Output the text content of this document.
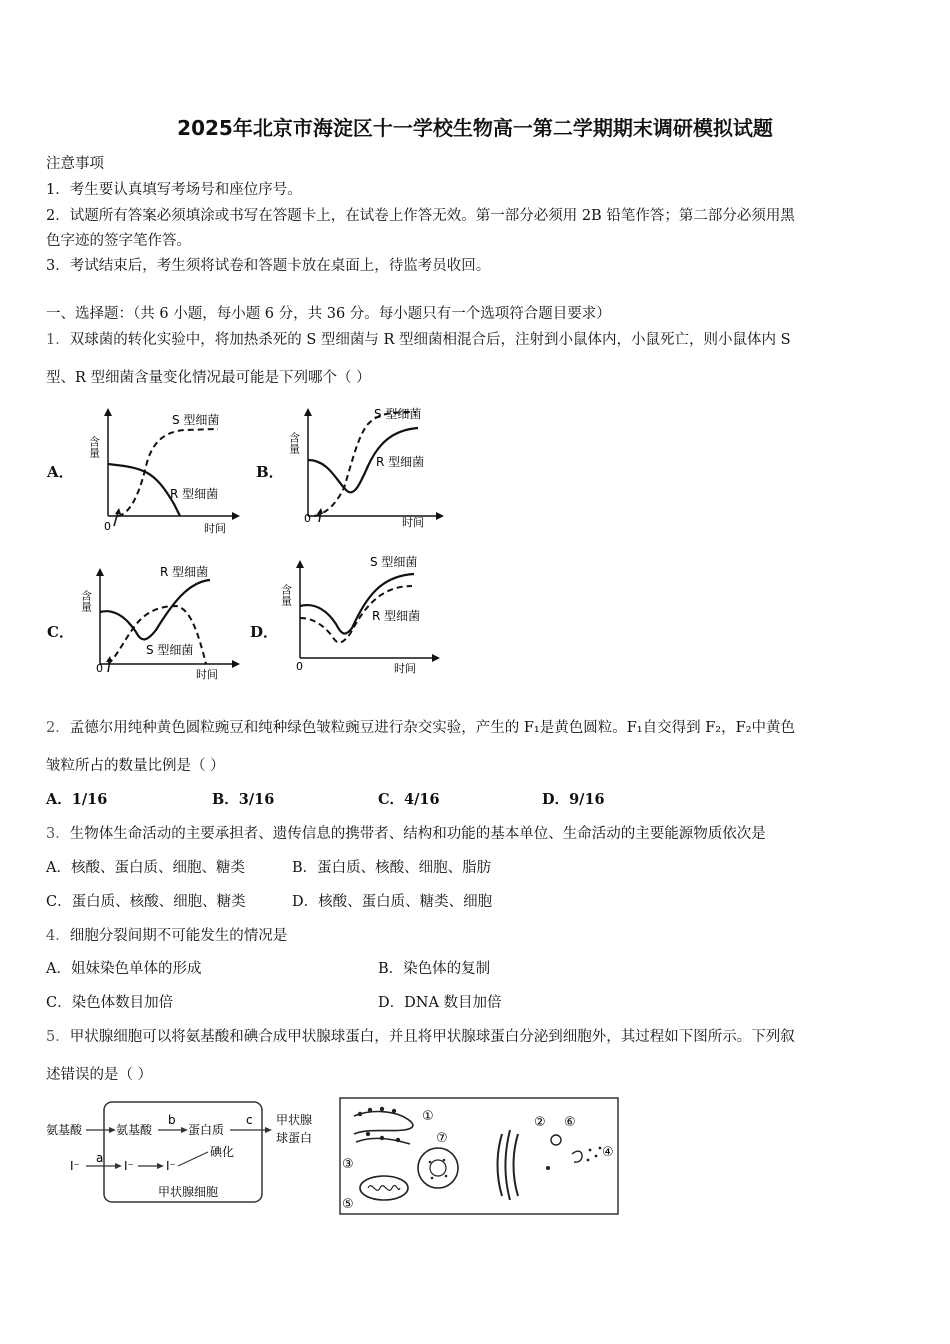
2025年北京市海淀区十一学校生物高一第二学期期末调研模拟试题
注意事项
1．考生要认真填写考场号和座位序号。
2．试题所有答案必须填涂或书写在答题卡上，在试卷上作答无效。第一部分必须用 2B 铅笔作答；第二部分必须用黑
色字迹的签字笔作答。
3．考试结束后，考生须将试卷和答题卡放在桌面上，待监考员收回。
一、选择题：（共 6 小题，每小题 6 分，共 36 分。每小题只有一个选项符合题目要求）
1．双球菌的转化实验中，将加热杀死的 S 型细菌与 R 型细菌相混合后，注射到小鼠体内，小鼠死亡，则小鼠体内 S
型、R 型细菌含量变化情况最可能是下列哪个（ ）
A．	B．
C．	D．
含量
0	时间
S 型细菌
R 型细菌
含量
0	时间
S 型细菌
R 型细菌
含量
0	时间
R 型细菌
S 型细菌
含量
0	时间
S 型细菌
R 型细菌
2．孟德尔用纯种黄色圆粒豌豆和纯种绿色皱粒豌豆进行杂交实验，产生的 F₁是黄色圆粒。F₁自交得到 F₂，F₂中黄色
皱粒所占的数量比例是（ ）
A．1/16	B．3/16	C．4/16	D．9/16
3．生物体生命活动的主要承担者、遗传信息的携带者、结构和功能的基本单位、生命活动的主要能源物质依次是
A．核酸、蛋白质、细胞、糖类	B．蛋白质、核酸、细胞、脂肪
C．蛋白质、核酸、细胞、糖类	D．核酸、蛋白质、糖类、细胞
4．细胞分裂间期不可能发生的情况是
A．姐妹染色单体的形成	B．染色体的复制
C．染色体数目加倍	D．DNA 数目加倍
5．甲状腺细胞可以将氨基酸和碘合成甲状腺球蛋白，并且将甲状腺球蛋白分泌到细胞外，其过程如下图所示。下列叙
述错误的是（ ）
氨基酸	氨基酸
b
蛋白质
碘化
c 甲状腺
球蛋白
I⁻
a
I⁻	I⁻
甲状腺细胞
①	②
③
④
⑤
⑥
⑦
